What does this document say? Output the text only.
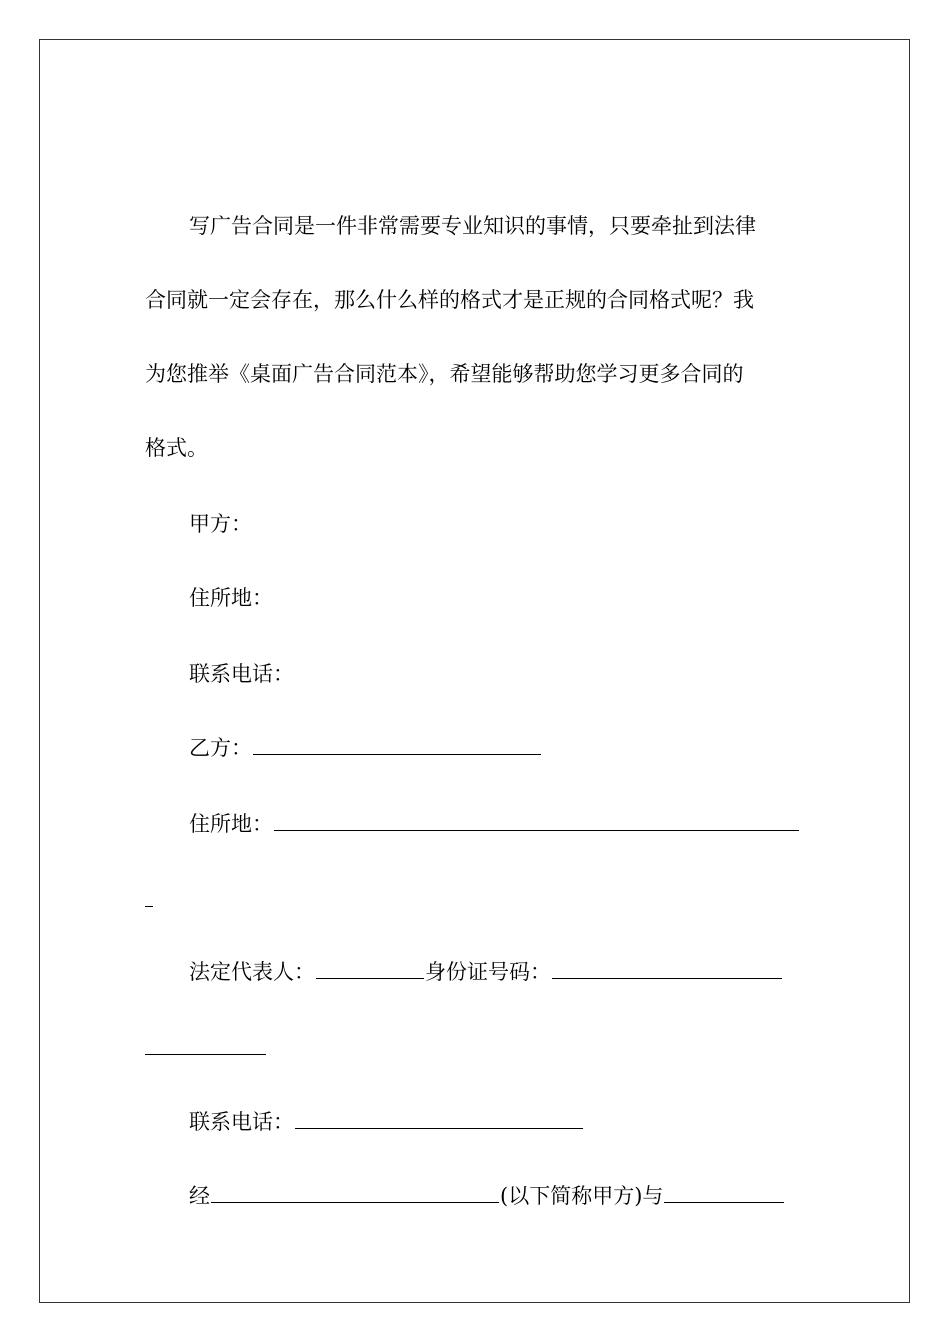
写广告合同是一件非常需要专业知识的事情，只要牵扯到法律
合同就一定会存在，那么什么样的格式才是正规的合同格式呢？我
为您推举《桌面广告合同范本》，希望能够帮助您学习更多合同的
格式。
甲方：
住所地：
联系电话：
乙方：
住所地：
法定代表人：	身份证号码：
联系电话：
经	(以下简称甲方)与
